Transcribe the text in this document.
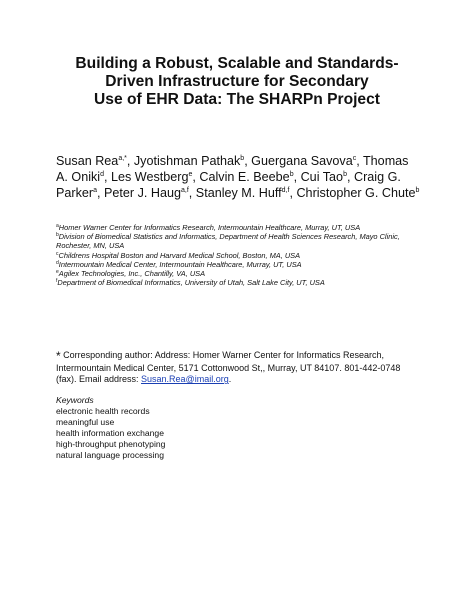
Building a Robust, Scalable and Standards-
Driven Infrastructure for Secondary
Use of EHR Data: The SHARPn Project
Susan Rea$^{a,*}$, Jyotishman Pathak$^b$, Guergana Savova$^c$, Thomas
A. Oniki$^d$, Les Westberg$^e$, Calvin E. Beebe$^b$, Cui Tao$^b$, Craig G.
Parker$^a$, Peter J. Haug$^{a,f}$, Stanley M. Huff$^{d,f}$, Christopher G. Chute$^b$
$^a$Homer Warner Center for Informatics Research, Intermountain Healthcare, Murray, UT, USA
$^b$Division of Biomedical Statistics and Informatics, Department of Health Sciences Research, Mayo Clinic,
Rochester, MN, USA
$^c$Childrens Hospital Boston and Harvard Medical School, Boston, MA, USA
$^d$Intermountain Medical Center, Intermountain Healthcare, Murray, UT, USA
$^e$Agilex Technologies, Inc., Chantilly, VA, USA
$^f$Department of Biomedical Informatics, University of Utah, Salt Lake City, UT, USA
* Corresponding author: Address: Homer Warner Center for Informatics Research,
Intermountain Medical Center, 5171 Cottonwood St,, Murray, UT 84107. 801-442-0748
(fax). Email address: Susan.Rea@imail.org.
Keywords
electronic health records
meaningful use
health information exchange
high-throughput phenotyping
natural language processing
